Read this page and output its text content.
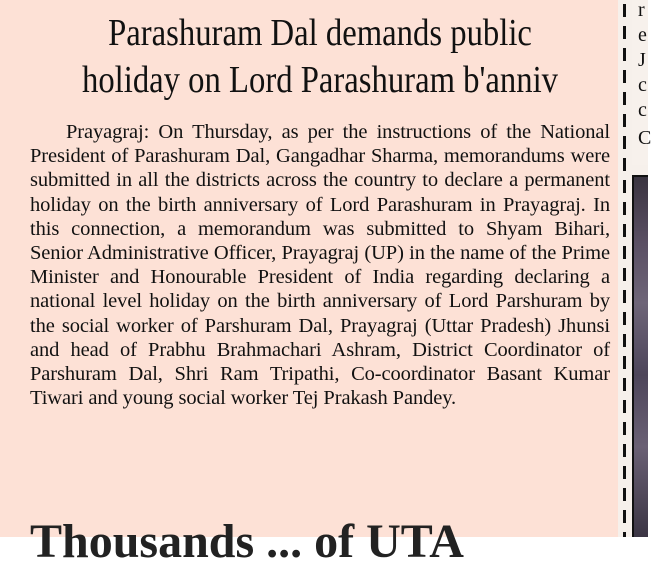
Parashuram Dal demands public
holiday on Lord Parashuram b'anniv

Prayagraj: On Thursday, as per the instructions of the National President of Parashuram Dal, Gangadhar Sharma, memorandums were submitted in all the districts across the country to declare a permanent holiday on the birth anniversary of Lord Parashuram in Prayagraj. In this connection, a memorandum was submitted to Shyam Bihari, Senior Administrative Officer, Prayagraj (UP) in the name of the Prime Minister and Honourable President of India regarding declaring a national level holiday on the birth anniversary of Lord Parshuram by the social worker of Parshuram Dal, Prayagraj (Uttar Pradesh) Jhunsi and head of Prabhu Brahmachari Ashram, District Coordinator of Parshuram Dal, Shri Ram Tripathi, Co-coordinator Basant Kumar Tiwari and young social worker Tej Prakash Pandey.

Thousands ... of UTA
r
e
J
c
c
C
